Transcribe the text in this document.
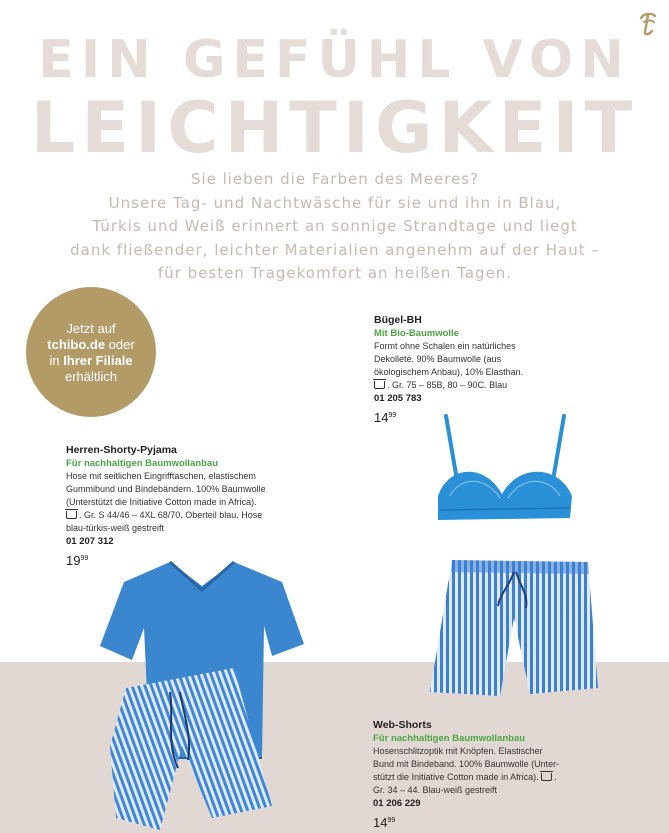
EIN GEFÜHL VON
LEICHTIGKEIT
Sie lieben die Farben des Meeres?
Unsere Tag- und Nachtwäsche für sie und ihn in Blau,
Türkis und Weiß erinnert an sonnige Strandtage und liegt
dank fließender, leichter Materialien angenehm auf der Haut –
für besten Tragekomfort an heißen Tagen.
Jetzt auf
tchibo.de oder
in Ihrer Filiale
erhältlich
Bügel-BH
Mit Bio-Baumwolle
Formt ohne Schalen ein natürliches
Dekolleté. 90% Baumwolle (aus
ökologischem Anbau), 10% Elasthan.
. Gr. 75 – 85B, 80 – 90C. Blau
01 205 783
$14^{99}$
Herren-Shorty-Pyjama
Für nachhaltigen Baumwollanbau
Hose mit seitlichen Eingrifftaschen, elastischem
Gummibund und Bindebändern. 100% Baumwolle
(Unterstützt die Initiative Cotton made in Africa).
. Gr. S 44/46 – 4XL 68/70. Oberteil blau. Hose
blau-türkis-weiß gestreift
01 207 312
$19^{99}$
Web-Shorts
Für nachhaltigen Baumwollanbau
Hosenschlitzoptik mit Knöpfen. Elastischer
Bund mit Bindeband. 100% Baumwolle (Unter-
stützt die Initiative Cotton made in Africa). .
Gr. 34 – 44. Blau-weiß gestreift
01 206 229
$14^{99}$
